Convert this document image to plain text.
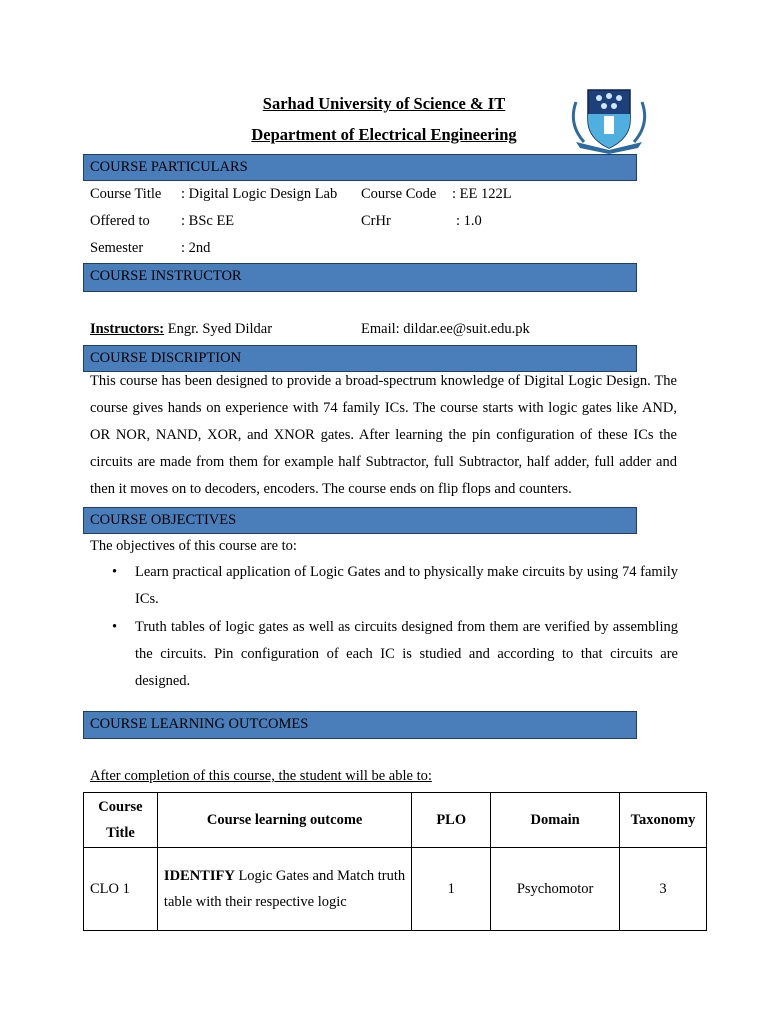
Sarhad University of Science & IT
Department of Electrical Engineering
COURSE PARTICULARS
Course Title : Digital Logic Design Lab Course Code : EE 122L
Offered to : BSc EE	CrHr	: 1.0
Semester	: 2nd
COURSE INSTRUCTOR
Instructors: Engr. Syed Dildar	Email: dildar.ee@suit.edu.pk
COURSE DISCRIPTION
This course has been designed to provide a broad-spectrum knowledge of Digital Logic Design. The course gives hands on experience with 74 family ICs. The course starts with logic gates like AND, OR NOR, NAND, XOR, and XNOR gates. After learning the pin configuration of these ICs the circuits are made from them for example half Subtractor, full Subtractor, half adder, full adder and then it moves on to decoders, encoders. The course ends on flip flops and counters.
COURSE OBJECTIVES
The objectives of this course are to:
• Learn practical application of Logic Gates and to physically make circuits by using 74 family ICs.
• Truth tables of logic gates as well as circuits designed from them are verified by assembling the circuits. Pin configuration of each IC is studied and according to that circuits are designed.
COURSE LEARNING OUTCOMES
After completion of this course, the student will be able to:
Course Title	Course learning outcome	PLO	Domain	Taxonomy
CLO 1	IDENTIFY Logic Gates and Match truth table with their respective logic	1	Psychomotor	3
